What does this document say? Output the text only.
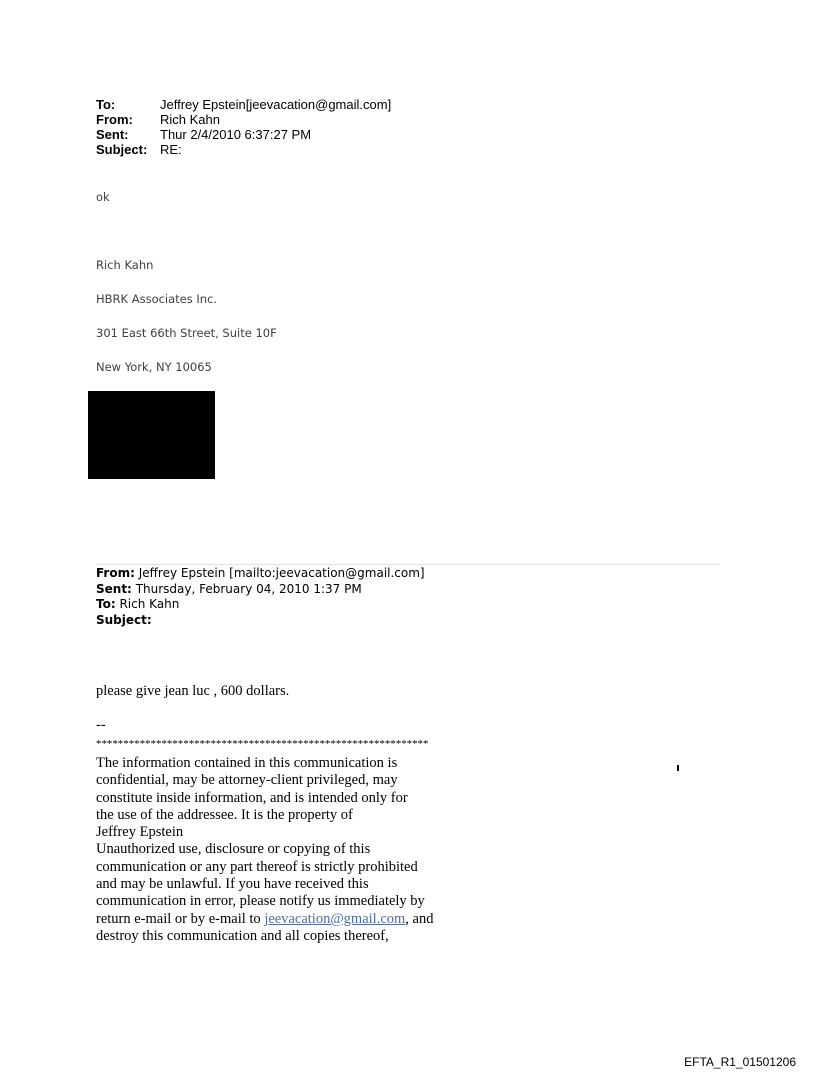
To:	Jeffrey Epstein[jeevacation@gmail.com]
From:	Rich Kahn
Sent:	Thur 2/4/2010 6:37:27 PM
Subject: RE:
ok
Rich Kahn
HBRK Associates Inc.
301 East 66th Street, Suite 10F
New York, NY 10065
From: Jeffrey Epstein [mailto:jeevacation@gmail.com]
Sent: Thursday, February 04, 2010 1:37 PM
To: Rich Kahn
Subject:
please give jean luc , 600 dollars.
--
*************************************************************
The information contained in this communication is
confidential, may be attorney-client privileged, may
constitute inside information, and is intended only for
the use of the addressee. It is the property of
Jeffrey Epstein
Unauthorized use, disclosure or copying of this
communication or any part thereof is strictly prohibited
and may be unlawful. If you have received this
communication in error, please notify us immediately by
return e-mail or by e-mail to jeevacation@gmail.com, and
destroy this communication and all copies thereof,
EFTA_R1_01501206
